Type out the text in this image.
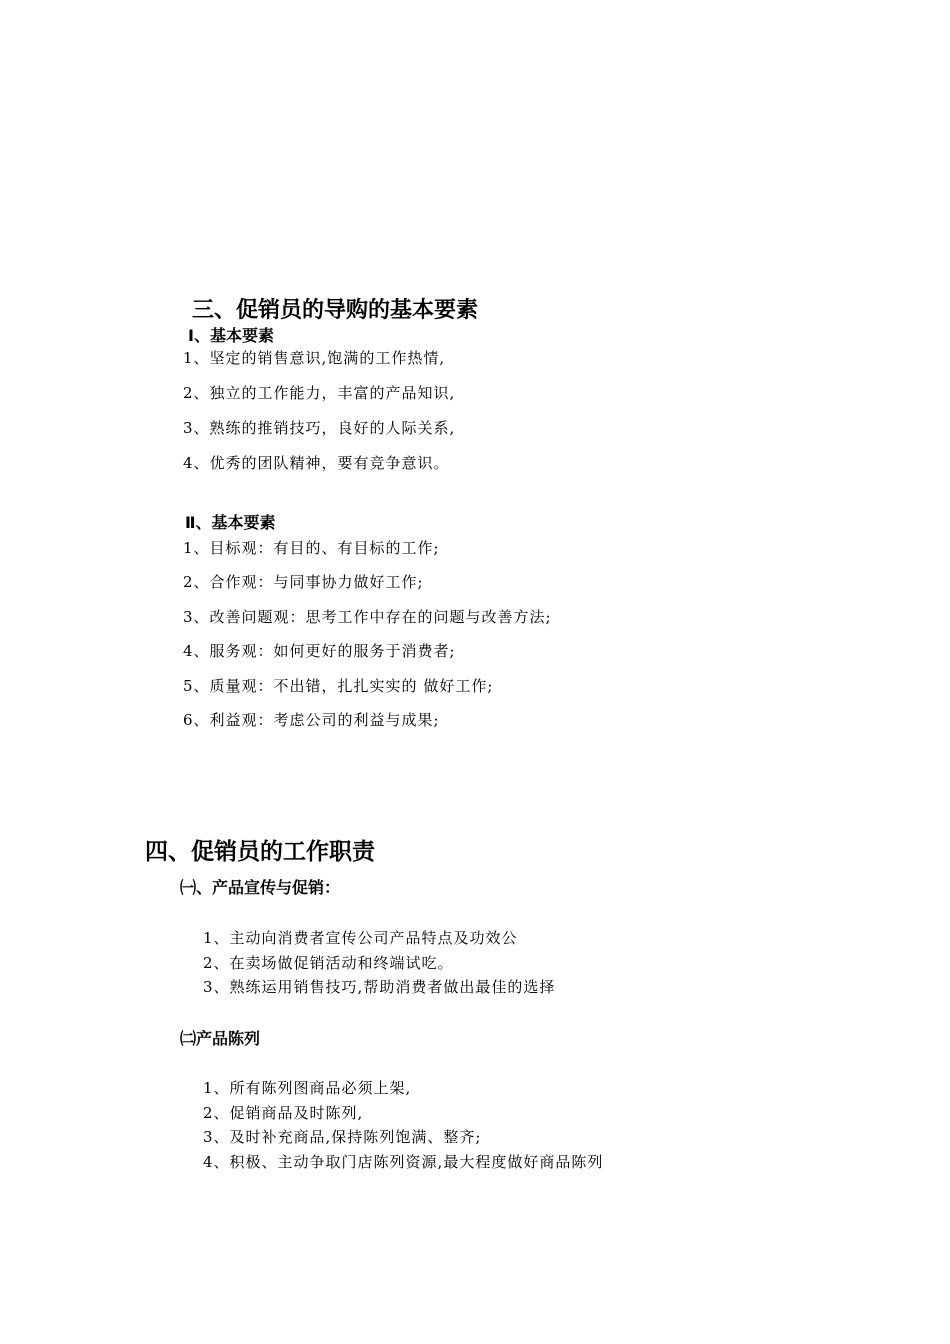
三、促销员的导购的基本要素
Ⅰ、基本要素
1、坚定的销售意识,饱满的工作热情,
2、独立的工作能力，丰富的产品知识,
3、熟练的推销技巧，良好的人际关系,
4、优秀的团队精神，要有竞争意识。
Ⅱ、基本要素
1、目标观：有目的、有目标的工作;
2、合作观：与同事协力做好工作;
3、改善问题观：思考工作中存在的问题与改善方法;
4、服务观：如何更好的服务于消费者;
5、质量观：不出错，扎扎实实的 做好工作;
6、利益观：考虑公司的利益与成果;
四、促销员的工作职责
㈠、产品宣传与促销：
1、主动向消费者宣传公司产品特点及功效公
2、在卖场做促销活动和终端试吃。
3、熟练运用销售技巧,帮助消费者做出最佳的选择
㈡产品陈列
1、所有陈列图商品必须上架,
2、促销商品及时陈列,
3、及时补充商品,保持陈列饱满、整齐;
4、积极、主动争取门店陈列资源,最大程度做好商品陈列
